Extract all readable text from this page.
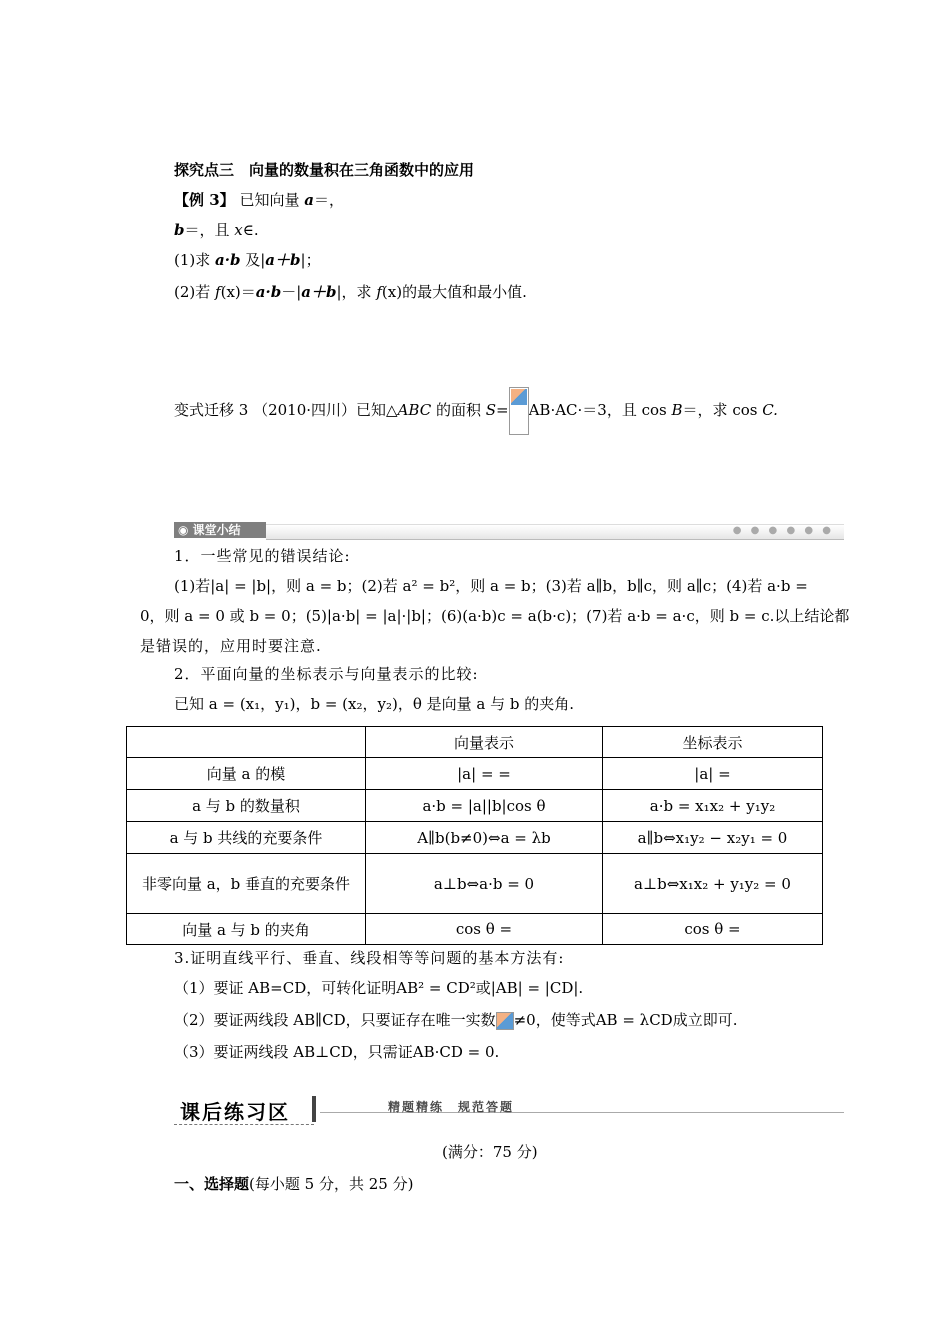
探究点三　向量的数量积在三角函数中的应用
【例 3】 已知向量 a＝，
b＝，且 x∈.
(1)求 a·b 及|a＋b|；
(2)若 f(x)＝a·b－|a＋b|，求 f(x)的最大值和最小值.
变式迁移 3 （2010·四川）已知△ABC 的面积 S= AB·AC·＝3，且 cos B＝，求 cos C.
◉ 课堂小结	● ● ● ● ● ●
1．一些常见的错误结论:
(1)若|a| = |b|，则 a = b；(2)若 a² = b²，则 a = b；(3)若 a∥b，b∥c，则 a∥c；(4)若 a·b =
0，则 a = 0 或 b = 0；(5)|a·b| = |a|·|b|；(6)(a·b)c = a(b·c)；(7)若 a·b = a·c，则 b = c.以上结论都
是错误的，应用时要注意.
2．平面向量的坐标表示与向量表示的比较:
已知 a = (x₁，y₁)，b = (x₂，y₂)，θ 是向量 a 与 b 的夹角.
	向量表示	坐标表示
向量 a 的模	|a| = =	|a| =
a 与 b 的数量积	a·b = |a||b|cos θ	a·b = x₁x₂ + y₁y₂
a 与 b 共线的充要条件	A∥b(b≠0)⇔a = λb	a∥b⇔x₁y₂ − x₂y₁ = 0
非零向量 a，b 垂直的充要条件	a⊥b⇔a·b = 0	a⊥b⇔x₁x₂ + y₁y₂ = 0
向量 a 与 b 的夹角	cos θ =	cos θ =
3.证明直线平行、垂直、线段相等等问题的基本方法有:
（1）要证 AB=CD，可转化证明AB² = CD²或|AB| = |CD|.
（2）要证两线段 AB∥CD，只要证存在唯一实数 ≠0，使等式AB = λCD成立即可.
（3）要证两线段 AB⊥CD，只需证AB·CD = 0.
课后练习区	精题精练　规范答题
(满分：75 分)
一、选择题(每小题 5 分，共 25 分)
